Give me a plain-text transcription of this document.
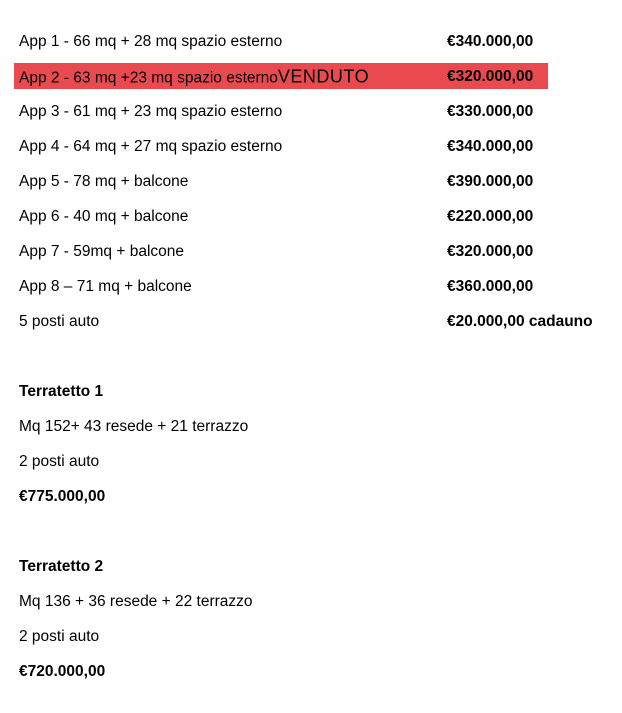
App 1 - 66 mq + 28 mq spazio esterno	€340.000,00
App 2 - 63 mq +23 mq spazio esternoVENDUTO	€320.000,00
App 3 - 61 mq + 23 mq spazio esterno	€330.000,00
App 4 - 64 mq + 27 mq spazio esterno	€340.000,00
App 5 - 78 mq + balcone	€390.000,00
App 6 - 40 mq + balcone	€220.000,00
App 7 - 59mq + balcone	€320.000,00
App 8 – 71 mq + balcone	€360.000,00
5 posti auto	€20.000,00 cadauno
Terratetto 1
Mq 152+ 43 resede + 21 terrazzo
2 posti auto
€775.000,00
Terratetto 2
Mq 136 + 36 resede + 22 terrazzo
2 posti auto
€720.000,00
